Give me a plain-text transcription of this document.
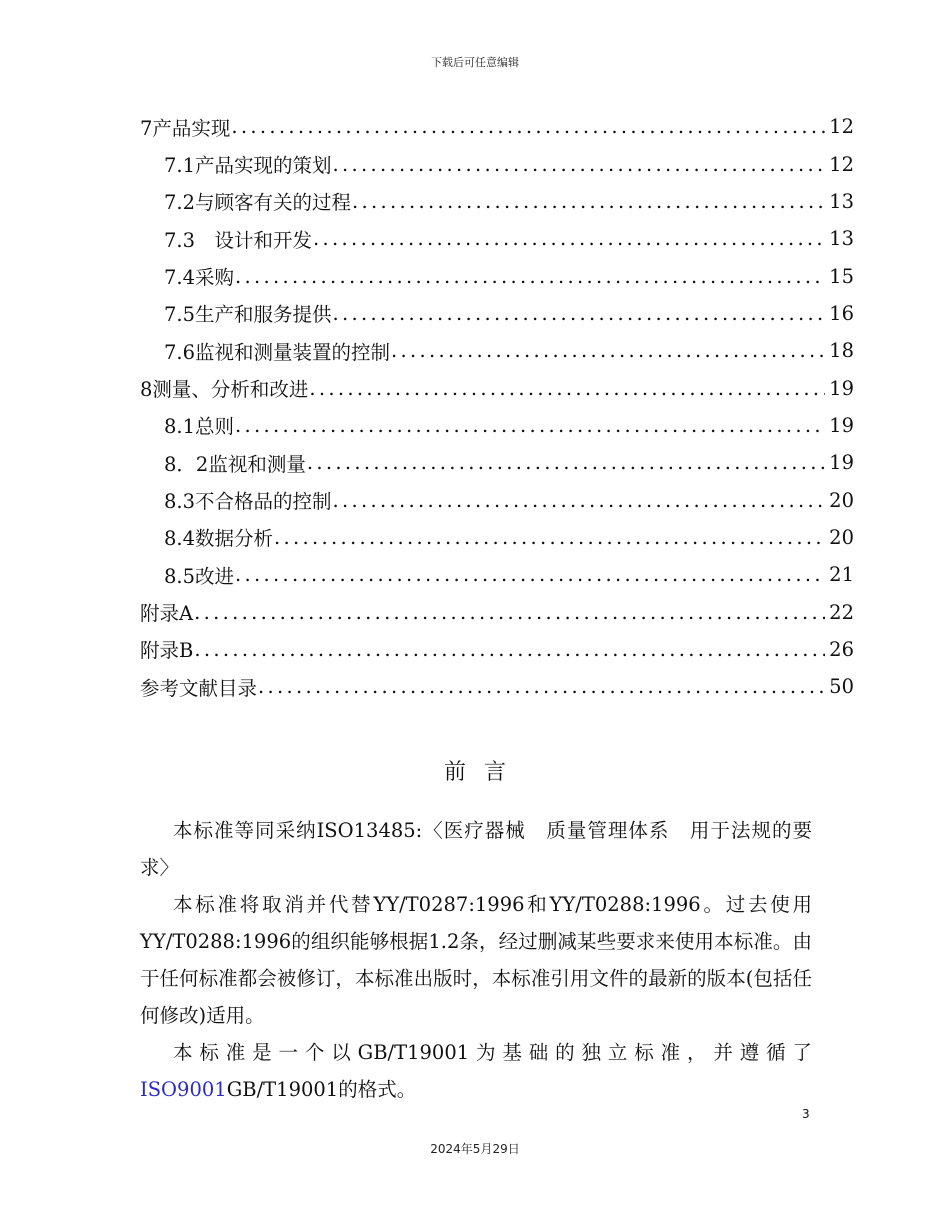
下载后可任意编辑
7产品实现 .....	12
7.1产品实现的策划 .....	12
7.2与顾客有关的过程 .....	13
7.3　设计和开发 .....	13
7.4采购 .....	15
7.5生产和服务提供 .....	16
7.6监视和测量装置的控制 .....	18
8测量、分析和改进 .....	19
8.1总则 .....	19
8．2监视和测量 .....	19
8.3不合格品的控制 .....	20
8.4数据分析 .....	20
8.5改进 .....	21
附录A .....	22
附录B .....	26
参考文献目录 .....	50
前言

本标准等同采纳ISO13485:〈医疗器械　质量管理体系　用于法规的要求〉

本标准将取消并代替YY/T0287:1996和YY/T0288:1996。过去使用YY/T0288:1996的组织能够根据1.2条，经过删减某些要求来使用本标准。由于任何标准都会被修订，本标准出版时，本标准引用文件的最新的版本(包括任何修改)适用。

本标准是一个以GB/T19001为基础的独立标准，并遵循了ISO9001GB/T19001的格式。

3
2024年5月29日
